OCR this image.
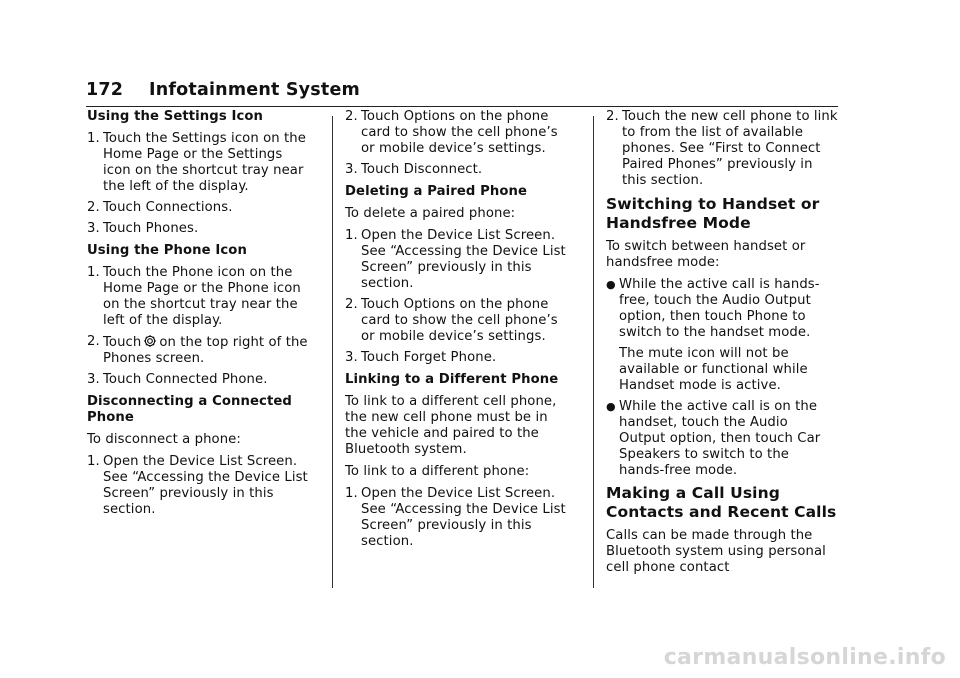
172 Infotainment System
Using the Settings Icon
1. Touch the Settings icon on the Home Page or the Settings icon on the shortcut tray near the left of the display.
2. Touch Connections.
3. Touch Phones.
Using the Phone Icon
1. Touch the Phone icon on the Home Page or the Phone icon on the shortcut tray near the left of the display.
2. Touch on the top right of the Phones screen.
3. Touch Connected Phone.
Disconnecting a Connected Phone
To disconnect a phone:
1. Open the Device List Screen. See “Accessing the Device List Screen” previously in this section.
2. Touch Options on the phone card to show the cell phone’s or mobile device’s settings.
3. Touch Disconnect.
Deleting a Paired Phone
To delete a paired phone:
1. Open the Device List Screen. See “Accessing the Device List Screen” previously in this section.
2. Touch Options on the phone card to show the cell phone’s or mobile device’s settings.
3. Touch Forget Phone.
Linking to a Different Phone
To link to a different cell phone, the new cell phone must be in the vehicle and paired to the Bluetooth system.
To link to a different phone:
1. Open the Device List Screen. See “Accessing the Device List Screen” previously in this section.
2. Touch the new cell phone to link to from the list of available phones. See “First to Connect Paired Phones” previously in this section.
Switching to Handset or Handsfree Mode
To switch between handset or handsfree mode:
● While the active call is hands-free, touch the Audio Output option, then touch Phone to switch to the handset mode.
The mute icon will not be available or functional while Handset mode is active.
● While the active call is on the handset, touch the Audio Output option, then touch Car Speakers to switch to the hands-free mode.
Making a Call Using Contacts and Recent Calls
Calls can be made through the Bluetooth system using personal cell phone contact
carmanualsonline.info
